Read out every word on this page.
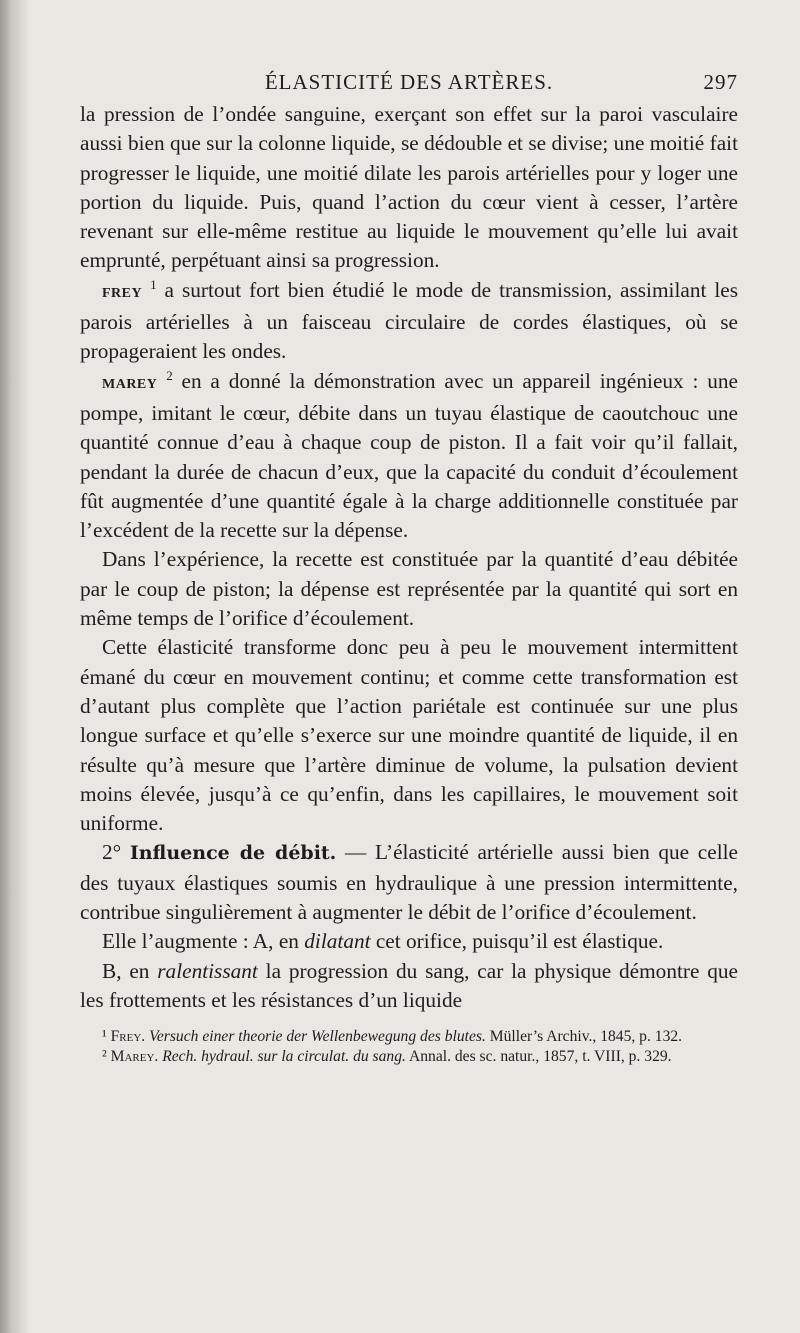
ÉLASTICITÉ DES ARTÈRES.	297

la pression de l’ondée sanguine, exerçant son effet sur la paroi vasculaire aussi bien que sur la colonne liquide, se dédouble et se divise; une moitié fait progresser le liquide, une moitié dilate les parois artérielles pour y loger une portion du liquide. Puis, quand l’action du cœur vient à cesser, l’artère revenant sur elle-même restitue au liquide le mouvement qu’elle lui avait emprunté, perpétuant ainsi sa progression.

FREY $^1$ a surtout fort bien étudié le mode de transmission, assimilant les parois artérielles à un faisceau circulaire de cordes élastiques, où se propageraient les ondes.

MAREY $^2$ en a donné la démonstration avec un appareil ingénieux : une pompe, imitant le cœur, débite dans un tuyau élastique de caoutchouc une quantité connue d’eau à chaque coup de piston. Il a fait voir qu’il fallait, pendant la durée de chacun d’eux, que la capacité du conduit d’écoulement fût augmentée d’une quantité égale à la charge additionnelle constituée par l’excédent de la recette sur la dépense.

Dans l’expérience, la recette est constituée par la quantité d’eau débitée par le coup de piston; la dépense est représentée par la quantité qui sort en même temps de l’orifice d’écoulement.

Cette élasticité transforme donc peu à peu le mouvement intermittent émané du cœur en mouvement continu; et comme cette transformation est d’autant plus complète que l’action pariétale est continuée sur une plus longue surface et qu’elle s’exerce sur une moindre quantité de liquide, il en résulte qu’à mesure que l’artère diminue de volume, la pulsation devient moins élevée, jusqu’à ce qu’enfin, dans les capillaires, le mouvement soit uniforme.

2° Influence de débit. — L’élasticité artérielle aussi bien que celle des tuyaux élastiques soumis en hydraulique à une pression intermittente, contribue singulièrement à augmenter le débit de l’orifice d’écoulement.

Elle l’augmente : A, en dilatant cet orifice, puisqu’il est élastique.

B, en ralentissant la progression du sang, car la physique démontre que les frottements et les résistances d’un liquide

¹ Frey. Versuch einer theorie der Wellenbewegung des blutes. Müller’s Archiv., 1845, p. 132.

² Marey. Rech. hydraul. sur la circulat. du sang. Annal. des sc. natur., 1857, t. VIII, p. 329.
